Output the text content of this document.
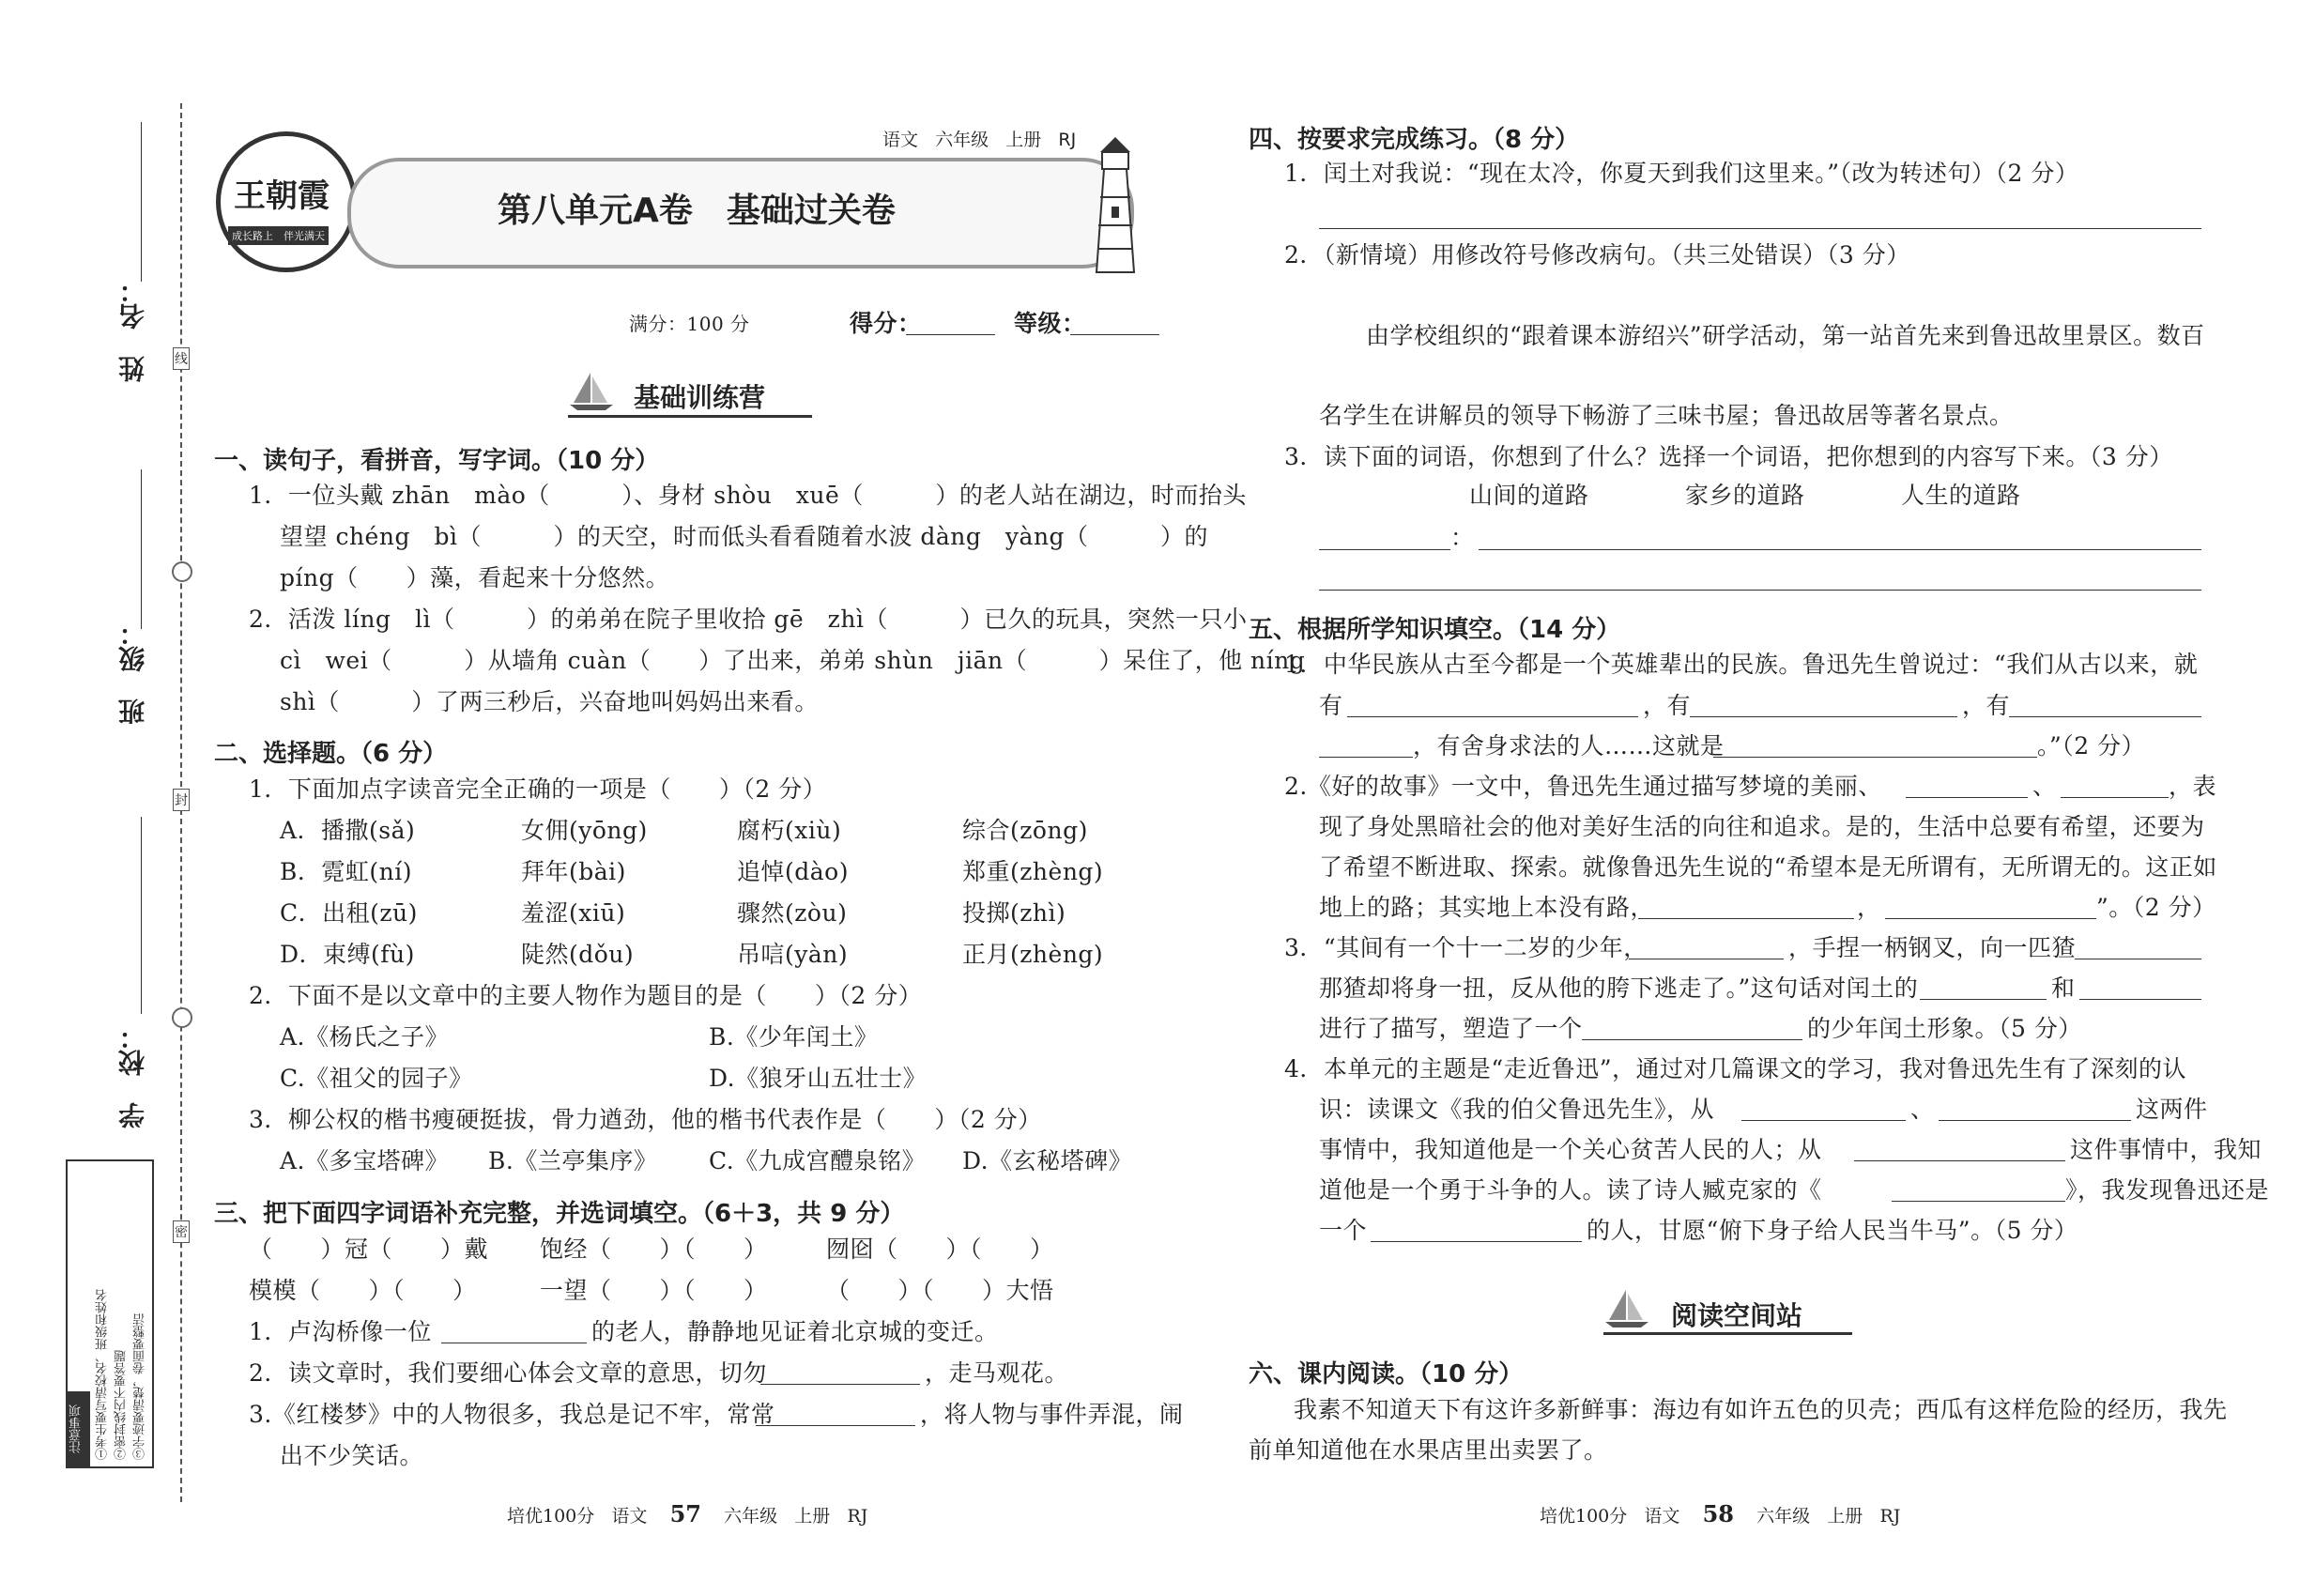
姓　名：
班　级：
学　校：
线
封
密
注意事项	①考生要写清校名、班级和姓名 ②密封线内不要答题 ③字迹要清楚，卷面要整洁
王朝霞
成长路上　伴光满天
第八单元A卷　基础过关卷
语文 六年级 上册 RJ
满分：100 分	得分：	等级：
基础训练营
一、读句子，看拼音，写字词。（10 分）
1．一位头戴 zhān　mào（　　　）、身材 shòu　xuē（　　　）的老人站在湖边，时而抬头
望望 chéng　bì（　　　）的天空，时而低头看看随着水波 dàng　yàng（　　　）的
píng（　　）藻，看起来十分悠然。
2．活泼 líng　lì（　　　）的弟弟在院子里收拾 gē　zhì（　　　）已久的玩具，突然一只小
cì　wei（　　　）从墙角 cuàn（　　）了出来，弟弟 shùn　jiān（　　　）呆住了，他 níng
shì（　　　）了两三秒后，兴奋地叫妈妈出来看。
二、选择题。（6 分）
1．下面加点字读音完全正确的一项是（　　）（2 分）
A．播撒(sǎ)	女佣(yōng)	腐朽(xiù)	综合(zōng)
B．霓虹(ní)	拜年(bài)	追悼(dào)	郑重(zhèng)
C．出租(zū)	羞涩(xiū)	骤然(zòu)	投掷(zhì)
D．束缚(fù)	陡然(dǒu)	吊唁(yàn)	正月(zhèng)
2．下面不是以文章中的主要人物作为题目的是（　　）（2 分）
A.《杨氏之子》	B.《少年闰土》
C.《祖父的园子》	D.《狼牙山五壮士》
3．柳公权的楷书瘦硬挺拔，骨力遒劲，他的楷书代表作是（　　）（2 分）
A.《多宝塔碑》 B.《兰亭集序》 C.《九成宫醴泉铭》 D.《玄秘塔碑》
三、把下面四字词语补充完整，并选词填空。（6＋3，共 9 分）
（　　）冠（　　）戴 饱经（　　）（　　） 囫囵（　　）（　　）
模模（　　）（　　）	一望（　　）（　　） （　　）（　　）大悟
1．卢沟桥像一位	的老人，静静地见证着北京城的变迁。
2．读文章时，我们要细心体会文章的意思，切勿	，走马观花。
3.《红楼梦》中的人物很多，我总是记不牢，常常	，将人物与事件弄混，闹
出不少笑话。
培优100分 语文 57 六年级 上册 RJ
四、按要求完成练习。（8 分）
1．闰土对我说：“现在太冷，你夏天到我们这里来。”（改为转述句）（2 分）
2．（新情境）用修改符号修改病句。（共三处错误）（3 分）
由学校组织的“跟着课本游绍兴”研学活动，第一站首先来到鲁迅故里景区。数百
名学生在讲解员的领导下畅游了三味书屋；鲁迅故居等著名景点。
3．读下面的词语，你想到了什么？选择一个词语，把你想到的内容写下来。（3 分）
山间的道路	家乡的道路	人生的道路
：
五、根据所学知识填空。（14 分）
1．中华民族从古至今都是一个英雄辈出的民族。鲁迅先生曾说过：“我们从古以来，就
有	，有	，有
，有舍身求法的人……这就是	。”（2 分）
2.《好的故事》一文中，鲁迅先生通过描写梦境的美丽、	、	，表
现了身处黑暗社会的他对美好生活的向往和追求。是的，生活中总要有希望，还要为
了希望不断进取、探索。就像鲁迅先生说的“希望本是无所谓有，无所谓无的。这正如
地上的路；其实地上本没有路，	，	”。（2 分）
3．“其间有一个十一二岁的少年，	，手捏一柄钢叉，向一匹猹
那猹却将身一扭，反从他的胯下逃走了。”这句话对闰土的	和
进行了描写，塑造了一个	的少年闰土形象。（5 分）
4．本单元的主题是“走近鲁迅”，通过对几篇课文的学习，我对鲁迅先生有了深刻的认
识：读课文《我的伯父鲁迅先生》，从	、	这两件
事情中，我知道他是一个关心贫苦人民的人；从	这件事情中，我知
道他是一个勇于斗争的人。读了诗人臧克家的《	》，我发现鲁迅还是
一个	的人，甘愿“俯下身子给人民当牛马”。（5 分）
阅读空间站
六、课内阅读。（10 分）
我素不知道天下有这许多新鲜事：海边有如许五色的贝壳；西瓜有这样危险的经历，我先
前单知道他在水果店里出卖罢了。
培优100分 语文 58 六年级 上册 RJ
